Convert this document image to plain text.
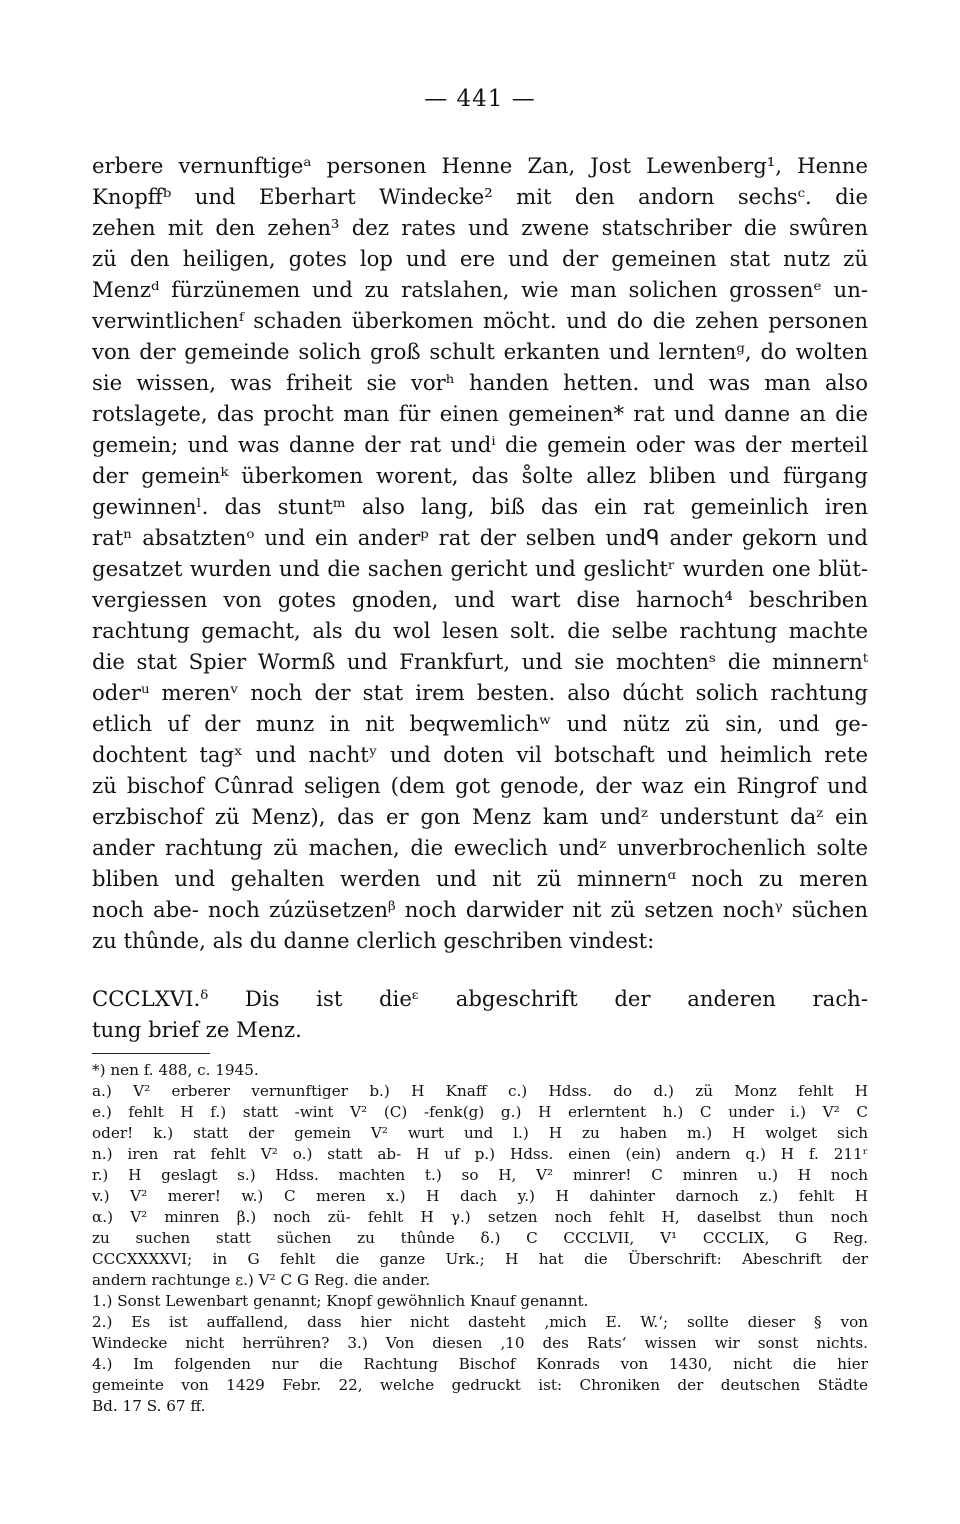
— 441 —
erbere vernunftigeᵃ personen Henne Zan, Jost Lewenberg¹, Henne
Knopffᵇ und Eberhart Windecke² mit den andorn sechsᶜ. die
zehen mit den zehen³ dez rates und zwene statschriber die swûren
zü den heiligen, gotes lop und ere und der gemeinen stat nutz zü
Menzᵈ fürzünemen und zu ratslahen, wie man solichen grossenᵉ un-
verwintlichenᶠ schaden überkomen möcht. und do die zehen personen
von der gemeinde solich groß schult erkanten und lerntenᵍ, do wolten
sie wissen, was friheit sie vorʰ handen hetten. und was man also
rotslagete, das procht man für einen gemeinen* rat und danne an die
gemein; und was danne der rat undⁱ die gemein oder was der merteil
der gemeinᵏ überkomen worent, das s̊olte allez bliben und fürgang
gewinnenˡ. das stuntᵐ also lang, biß das ein rat gemeinlich iren
ratⁿ absatztenᵒ und ein anderᵖ rat der selben undᑫ ander gekorn und
gesatzet wurden und die sachen gericht und geslichtʳ wurden one blüt-
vergiessen von gotes gnoden, und wart dise harnoch⁴ beschriben
rachtung gemacht, als du wol lesen solt. die selbe rachtung machte
die stat Spier Wormß und Frankfurt, und sie mochtenˢ die minnernᵗ
oderᵘ merenᵛ noch der stat irem besten. also dúcht solich rachtung
etlich uf der munz in nit beqwemlichʷ und nütz zü sin, und ge-
dochtent tagˣ und nachtʸ und doten vil botschaft und heimlich rete
zü bischof Cûnrad seligen (dem got genode, der waz ein Ringrof und
erzbischof zü Menz), das er gon Menz kam undᶻ understunt daᶻ ein
ander rachtung zü machen, die eweclich undᶻ unverbrochenlich solte
bliben und gehalten werden und nit zü minnernᵅ noch zu meren
noch abe- noch zúzüsetzenᵝ noch darwider nit zü setzen nochᵞ süchen
zu thûnde, als du danne clerlich geschriben vindest:
CCCLXVI.ᵟ Dis ist dieᵋ abgeschrift der anderen rach-
tung brief ze Menz.
*) nen f. 488, c. 1945.
a.) V² erberer vernunftiger b.) H Knaff c.) Hdss. do d.) zü Monz fehlt H
e.) fehlt H f.) statt -wint V² (C) -fenk(g) g.) H erlerntent h.) C under i.) V² C
oder! k.) statt der gemein V² wurt und l.) H zu haben m.) H wolget sich
n.) iren rat fehlt V² o.) statt ab- H uf p.) Hdss. einen (ein) andern q.) H f. 211ʳ
r.) H geslagt s.) Hdss. machten t.) so H, V² minrer! C minren u.) H noch
v.) V² merer! w.) C meren x.) H dach y.) H dahinter darnoch z.) fehlt H
α.) V² minren β.) noch zü- fehlt H γ.) setzen noch fehlt H, daselbst thun noch
zu suchen statt süchen zu thûnde δ.) C CCCLVII, V¹ CCCLIX, G Reg.
CCCXXXXVI; in G fehlt die ganze Urk.; H hat die Überschrift: Abeschrift der
andern rachtunge ε.) V² C G Reg. die ander.
1.) Sonst Lewenbart genannt; Knopf gewöhnlich Knauf genannt.
2.) Es ist auffallend, dass hier nicht dasteht ‚mich E. W.‘; sollte dieser § von
Windecke nicht herrühren? 3.) Von diesen ‚10 des Rats‘ wissen wir sonst nichts.
4.) Im folgenden nur die Rachtung Bischof Konrads von 1430, nicht die hier
gemeinte von 1429 Febr. 22, welche gedruckt ist: Chroniken der deutschen Städte
Bd. 17 S. 67 ff.
